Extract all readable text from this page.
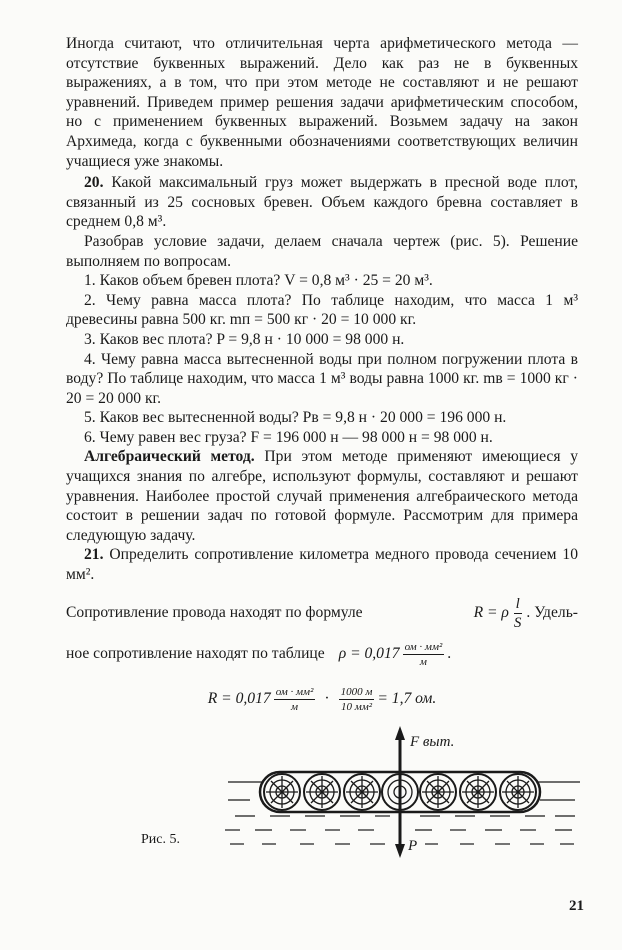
Иногда считают, что отличительная черта арифметического метода — отсутствие буквенных выражений. Дело как раз не в буквенных выражениях, а в том, что при этом методе не составляют и не решают уравнений. Приведем пример решения задачи арифметическим способом, но с применением буквенных выражений. Возьмем задачу на закон Архимеда, когда с буквенными обозначениями соответствующих величин учащиеся уже знакомы.

20. Какой максимальный груз может выдержать в пресной воде плот, связанный из 25 сосновых бревен. Объем каждого бревна составляет в среднем 0,8 м³.

Разобрав условие задачи, делаем сначала чертеж (рис. 5). Решение выполняем по вопросам.

1. Каков объем бревен плота? V = 0,8 м³ · 25 = 20 м³.

2. Чему равна масса плота? По таблице находим, что масса 1 м³ древесины равна 500 кг. mп = 500 кг · 20 = 10 000 кг.

3. Каков вес плота? P = 9,8 н · 10 000 = 98 000 н.

4. Чему равна масса вытесненной воды при полном погружении плота в воду? По таблице находим, что масса 1 м³ воды равна 1000 кг. mв = 1000 кг · 20 = 20 000 кг.

5. Каков вес вытесненной воды? Pв = 9,8 н · 20 000 = 196 000 н.

6. Чему равен вес груза? F = 196 000 н — 98 000 н = 98 000 н.

Алгебраический метод. При этом методе применяют имеющиеся у учащихся знания по алгебре, используют формулы, составляют и решают уравнения. Наиболее простой случай применения алгебраического метода состоит в решении задач по готовой формуле. Рассмотрим для примера следующую задачу.

21. Определить сопротивление километра медного провода сечением 10 мм².

Сопротивление провода находят по формуле	R = ρ $\frac{l}{S}$ . Удель-
ное сопротивление находят по таблице $\rho = 0,017 \frac{\text{ом · мм²}}{м}$ .
$R = 0,017 \frac{\text{ом · мм²}}{м} \cdot \frac{1000 м}{\text{10 мм²}} = 1,7$ ом.
F выт.
P
Рис. 5.
21
